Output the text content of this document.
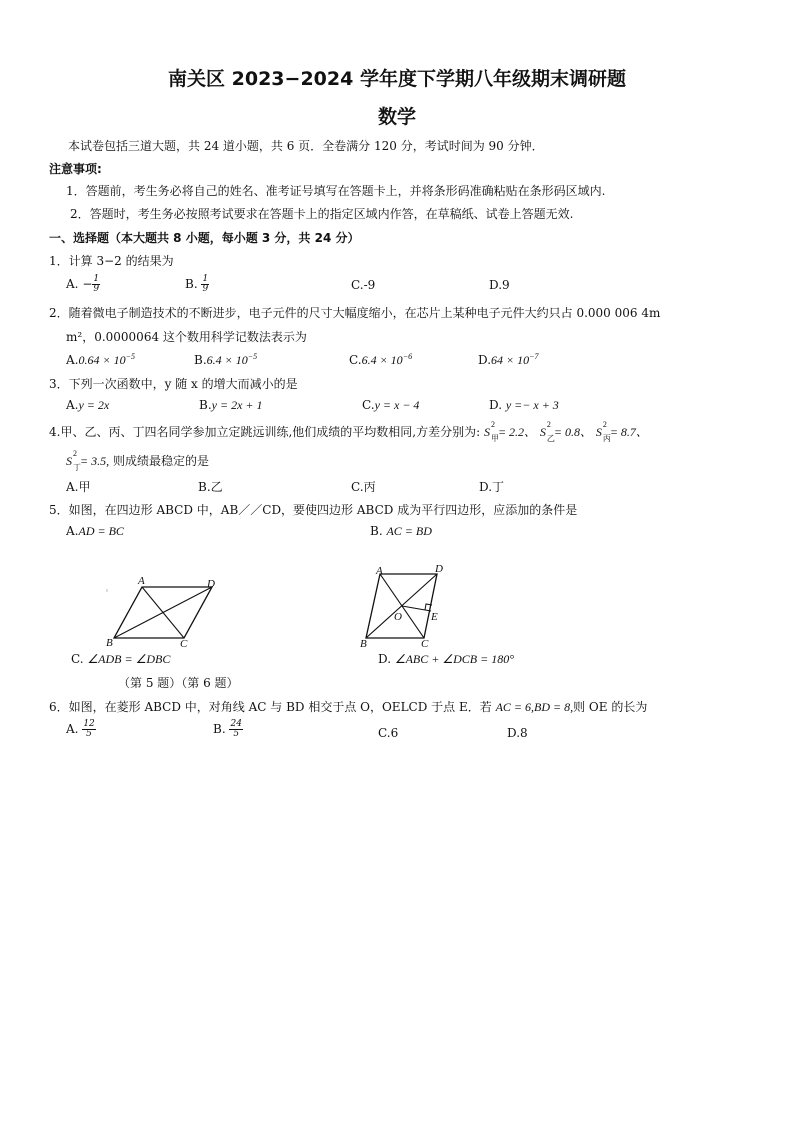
南关区 2023−2024 学年度下学期八年级期末调研题
数学
本试卷包括三道大题，共 24 道小题，共 6 页．全卷满分 120 分，考试时间为 90 分钟．
注意事项:
1．答题前，考生务必将自己的姓名、准考证号填写在答题卡上，并将条形码准确粘贴在条形码区域内.
2．答题时，考生务必按照考试要求在答题卡上的指定区域内作答，在草稿纸、试卷上答题无效.
一、选择题（本大题共 8 小题，每小题 3 分，共 24 分）
1．计算 3−2 的结果为
A. − $\frac{1}{9}$	B. $\frac{1}{9}$	C.-9	D.9
2．随着微电子制造技术的不断进步，电子元件的尺寸大幅度缩小，在芯片上某种电子元件大约只占 0.000 006 4m
m²，0.0000064 这个数用科学记数法表示为
$A.0.64 \times 10^{-5}$	$B.6.4 \times 10^{-5}$	$C.6.4 \times 10^{-6}$	$D.64 \times 10^{-7}$
3．下列一次函数中，y 随 x 的增大而减小的是
A.y = 2x	B.y = 2x + 1	C.y = x − 4	D. y =− x + 3
4.甲、乙、丙、丁四名同学参加立定跳远训练,他们成绩的平均数相同,方差分别为: S
2
甲 = 2.2、 S
2
乙 = 0.8、 S
2
丙 = 8.7、
S
2
丁 = 3.5, 则成绩最稳定的是
A.甲	B.乙	C.丙	D.丁
5．如图，在四边形 ABCD 中，AB／／CD，要使四边形 ABCD 成为平行四边形，应添加的条件是
A.AD = BC	B. AC = BD
A	D
B	C
A	D
B	C
O	E
C. ∠ADB = ∠DBC	D. ∠ABC + ∠DCB = 180°
（第 5 题）（第 6 题）
6．如图，在菱形 ABCD 中，对角线 AC 与 BD 相交于点 O，OELCD 于点 E．若 AC = 6,BD = 8,则 OE 的长为
A. $\frac{12}{5}$	B. $\frac{24}{5}$	C.6	D.8
